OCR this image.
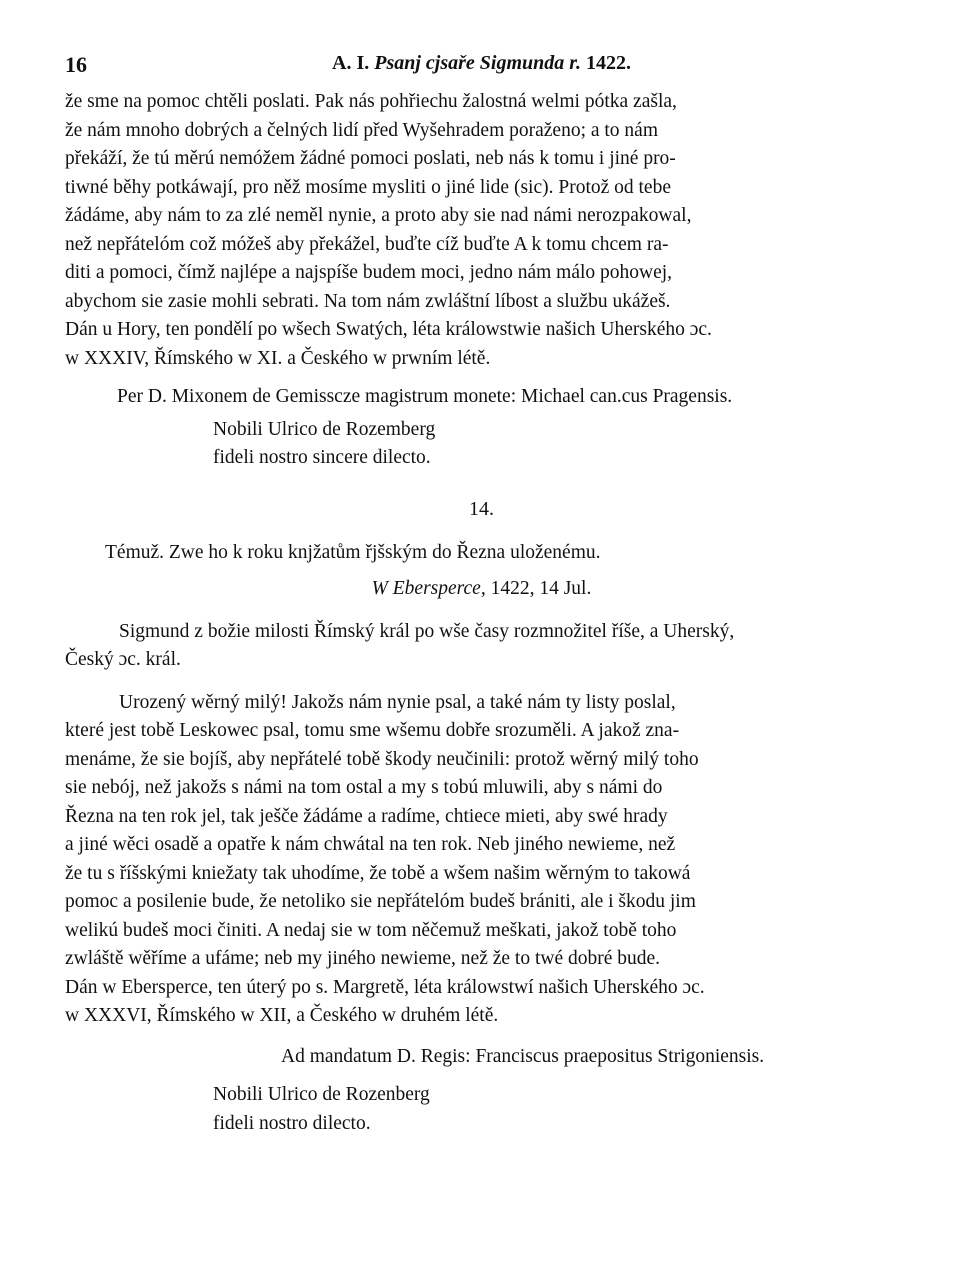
16	A. I. Psanj cjsaře Sigmunda r. 1422.
že sme na pomoc chtěli poslati. Pak nás pohřiechu žalostná welmi pótka zašla,
že nám mnoho dobrých a čelných lidí před Wyšehradem poraženo; a to nám
překáží, že tú měrú nemóžem žádné pomoci poslati, neb nás k tomu i jiné pro-
tiwné běhy potkáwají, pro něž mosíme mysliti o jiné lide (sic). Protož od tebe
žádáme, aby nám to za zlé neměl nynie, a proto aby sie nad námi nerozpakowal,
než nepřátelóm což móžeš aby překážel, buďte cíž buďte A k tomu chcem ra-
diti a pomoci, čímž najlépe a najspíše budem moci, jedno nám málo pohowej,
abychom sie zasie mohli sebrati. Na tom nám zwláštní líbost a službu ukážeš.
Dán u Hory, ten pondělí po wšech Swatých, léta králowstwie našich Uherského ɔc.
w XXXIV, Římského w XI. a Českého w prwním létě.
Per D. Mixonem de Gemisscze magistrum monete: Michael can.cus Pragensis.
Nobili Ulrico de Rozemberg
fideli nostro sincere dilecto.
14.
Témuž. Zwe ho k roku knjžatům řjšským do Řezna uloženému.
W Eberspercе, 1422, 14 Jul.
Sigmund z božie milosti Římský král po wše časy rozmnožitel říše, a Uherský,
Český ɔc. král.
Urozený wěrný milý! Jakožs nám nynie psal, a také nám ty listy poslal,
které jest tobě Leskowec psal, tomu sme wšemu dobře srozuměli. A jakož zna-
menáme, že sie bojíš, aby nepřátelé tobě škody neučinili: protož wěrný milý toho
sie nebój, než jakožs s námi na tom ostal a my s tobú mluwili, aby s námi do
Řezna na ten rok jel, tak ješče žádáme a radíme, chtiece mieti, aby swé hrady
a jiné wěci osadě a opatře k nám chwátal na ten rok. Neb jiného newieme, než
že tu s říšskými kniežaty tak uhodíme, že tobě a wšem našim wěrným to takowá
pomoc a posilenie bude, že netoliko sie nepřátelóm budeš brániti, ale i škodu jim
welikú budeš moci činiti. A nedaj sie w tom něčemuž meškati, jakož tobě toho
zwláště wěříme a ufáme; neb my jiného newieme, než že to twé dobré bude.
Dán w Ebersperce, ten úterý po s. Margretě, léta králowstwí našich Uherského ɔc.
w XXXVI, Římského w XII, a Českého w druhém létě.
Ad mandatum D. Regis: Franciscus praepositus Strigoniensis.
Nobili Ulrico de Rozenberg
fideli nostro dilecto.
